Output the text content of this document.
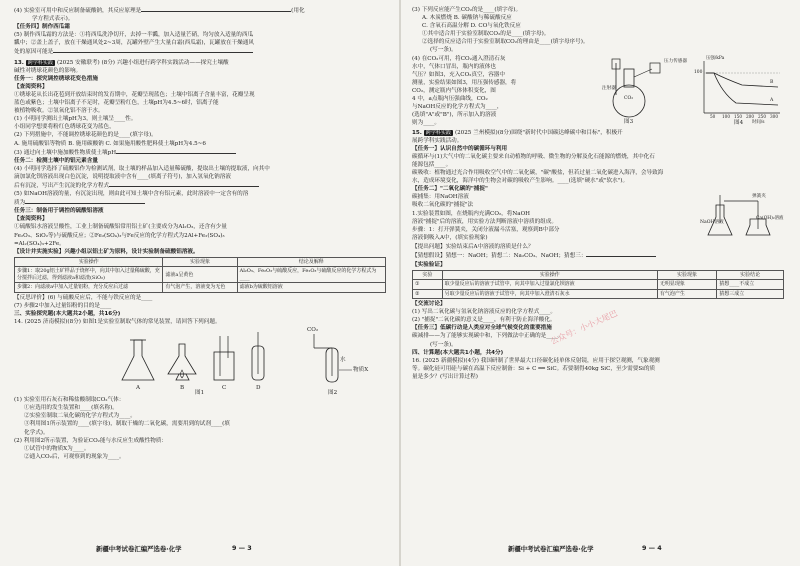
(4) 实验室可用中和反应制备硫酸钠，其反应原理是	(用化
学方程式表示)。
【任务四】制作西瓜霜
(5) 制作西瓜霜的方法是：①将西瓜洗净切开，去掉一半瓤，加入适量芒硝，均匀放入适量的西瓜
瓤中；②盖上盖子，放在干燥通风处2~3周，瓦罐外壁产生大量白霜(西瓜霜)，瓦罐放在干燥通风
处的原因可能是
13. 跨学科实践 (2025 安徽联考) (8分) 兴趣小组进行跨学科实践活动——探究土壤酸
碱性对绣球花颜色的影响。
任务一：探究调控绣球花变色措施
【查阅资料】
①绣球花从长出花苞到开放结束时的发育期中，花瓣呈现蓝色；土壤中铝离子含量丰富，花瓣呈现
蓝色或紫色；土壤中铝离子不足时，花瓣呈粉红色，土壤pH为4.5~6时，铝离子能
被植物吸收。②氢氧化铝不溶于水。
(1) 小明同学测出土壤pH为3，则土壤呈____性。
小组同学想要将粉红色绣球花变为蓝色，
(2) 下列措施中，不能调控绣球花颜色的是____(填字母)。
A. 施用硫酸铝等物质 B. 施用碳酸钠 C. 如果施用酸性肥料使土壤pH为4.5~6
(3) 通过向土壤中施加酸性物质使土壤pH
任务二：检测土壤中的铝元素含量
(4) 小明同学选择了硫酸铝作为检测试剂，取土壤的样品加入适量稀硫酸，提取出土壤的提取液，向其中
滴加氯化钡溶液出现白色沉淀，说明提取液中含有____(填离子符号)，加入氢氧化钠溶液
后有沉淀，写出产生沉淀的化学方程式
(5) 如NaOH溶液的量，有沉淀出现，则由此可知土壤中含有铝元素，此时溶液中一定含有的溶
质为
任务三：制备用于调控的硫酸铝溶液
【查阅资料】
①硫酸铝水溶液呈酸性，工业上制备硫酸铝常用铝土矿(主要成分为Al₂O₃，还含有少量
Fe₂O₃、SiO₂等)与硫酸反应；②Fe₂(SO₄)₃与Fe反应的化学方程式为2Al+Fe₂(SO₄)₃
=Al₂(SO₄)₃+2Fe。
【设计并实施实验】兴趣小组以铝土矿为原料，设计实验制备硫酸铝溶液。
实验操作	实验现象	结论及解释
步骤1：取20g铝土矿样品于烧杯中，向其中加入过量稀硫酸，充分搅拌后过滤，得到滤液a和滤渣(SiO₂)	滤液a呈黄色	Al₂O₃、Fe₂O₃与硫酸反应，Fe₂O₃与硫酸反应的化学方程式为____
步骤2：向滤液a中加入过量铝粉，充分反应后过滤	有气泡产生，溶液变为无色	滤液b为硫酸铝溶液
【反思评价】(6) 与硫酸反应后，不能与铁反应的是____
(7) 步骤2中加入过量铝粉的目的是____
三、实验探究题(本大题共2小题，共16分)
14. (2025 济南模拟)(8分) 如图1是实验室制取气体的常见装置，请回答下列问题。
A	B	C	D
图1
CO₂
水
物质X
图2
(1) 实验室用石灰石和稀盐酸制取CO₂气体：
①应选用的发生装置和____(填名称)。
②实验室制取二氧化碳的化学方程式为____。
③利用图1所示装置的____(填字母)，制取干燥的二氧化碳，需要用到的试剂____(填
化学式)。
(2) 利用图2所示装置，为验证CO₂能与水反应生成酸性物质：
①试管中的物质X为____。
②通入CO₂后，可观察到的现象为____。
新疆中考试卷汇编严选卷·化学	9 — 3
(3) 下列反应能产生CO₂的是____(填字母)。
A. 木炭燃烧 B. 碳酸钠与稀硫酸反应
C. 含氧石高温分解 D. CO与氧化铁反应
①其中适合用于实验室制取CO₂的是____(填字母)。
②选择的反应适合用于实验室制取CO₂的理由是____(填字母序号)。
(写一条)。
(4) 在CO₂可用，将CO₂通入澄清石灰
水中，气体口冒出，瓶内的液体也
气压？如图3，充入CO₂真空，容器中
测量，实验结果如图3，用压强传感器，将
CO₂，测定瓶内气体体积变化，图
4 中，a点瓶内压强曲线，CO₂
与NaOH反应的化学方程式为____，
(选填"A"或"B")，所示加入的溶液
则为____。
压力传感器
注射器
CO₂
图3
压强/kPa
100
A
B
50 100 150 200 250 300
时间/s
图4
15. 跨学科实践 (2025 兰州模拟)(8分)围绕"新时代中国碳达峰碳中和目标"，积极开
展跨学科实践活动。
【任务一】认识自然中的碳循环与利用
碳循环与(1)大气中的二氧化碳主要来自动植物的呼吸、微生物的分解及化石能源的燃烧，其中化石
能源包括____。
碳吸收：植物通过光合作用吸收空气中的二氧化碳，"碳"酸盐，但若过量二氧化碳进入海洋，会导致海
水，造成环境变化，海洋中的生物会对碳的吸收产生影响。____(选填"硬水"或"软水")。
【任务二】"二氧化碳的"捕捉"
碳捕集：用NaOH溶液
吸收二氧化碳的"捕捉"法
1.实验装置如图，在烧瓶内充满CO₂，将NaOH
溶液"捕捉"后的溶液，用实验方法判断溶液中溶质的组成。
步骤：1：打开弹簧夹，关闭分液漏斗活塞，观察到B中部分
溶液倒吸入A中，(填实验现象)
NaOH溶液
弹簧夹
Ca(OH)₂溶液
【提出问题】实验结束后A中溶液的溶质是什么？
【猜想假设】猜想一：NaOH；猜想二：Na₂CO₃、NaOH；猜想三：
【实验验证】
实验	实验操作	实验现象	实验结论
①	取少量反应后的溶液于试管中，向其中加入过量氯化钡溶液	无明显现象	猜想____不成立
②	另取少量反应后的溶液于试管中，向其中加入澄清石灰水	有气泡产生	猜想三成立
【交流讨论】
(1) 写出二氧化碳与氢氧化钠溶液反应的化学方程式____。
(2) "捕捉"二氧化碳的意义是____，有利于防止海洋酸化。
【任务三】低碳行动是人类应对全球气候变化的重要措施
碳减排——为了能够实现碳中和，下列做法中正确的是____。
(写一条)。
四、计算题(本大题共1小题，共4分)
16. (2025 新疆模拟)(4分) 我国研制了世界最大口径碳化硅单体反射镜，应用于探空观测，气象观测
等。碳化硅可用硅与碳在高温下反应制备：Si + C ══ SiC。若要制得40kg SiC，至少需要Si的质
量是多少？(写出计算过程)
公众号：小小大尾巴
新疆中考试卷汇编严选卷·化学	9 — 4
